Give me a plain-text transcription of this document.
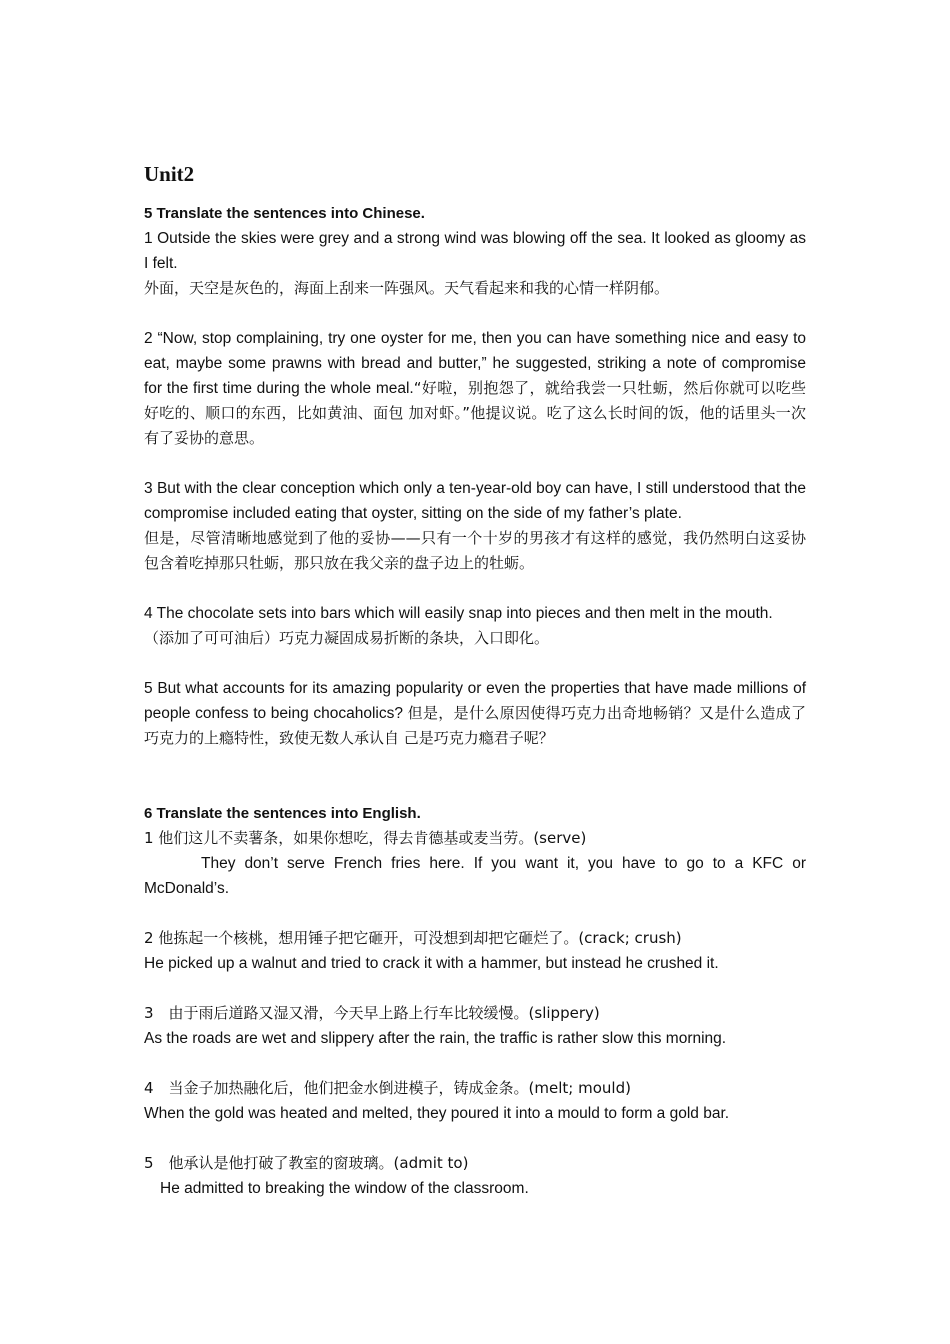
Unit2
5 Translate the sentences into Chinese.
1 Outside the skies were grey and a strong wind was blowing off the sea. It looked as gloomy as I felt.
外面，天空是灰色的，海面上刮来一阵强风。天气看起来和我的心情一样阴郁。
2 “Now, stop complaining, try one oyster for me, then you can have something nice and easy to eat, maybe some prawns with bread and butter,” he suggested, striking a note of compromise for the first time during the whole meal.“好啦，别抱怨了，就给我尝一只牡蛎，然后你就可以吃些好吃的、顺口的东西，比如黄油、面包 加对虾。”他提议说。吃了这么长时间的饭，他的话里头一次有了妥协的意思。
3 But with the clear conception which only a ten-year-old boy can have, I still understood that the compromise included eating that oyster, sitting on the side of my father’s plate.
但是，尽管清晰地感觉到了他的妥协——只有一个十岁的男孩才有这样的感觉，我仍然明白这妥协 包含着吃掉那只牡蛎，那只放在我父亲的盘子边上的牡蛎。
4 The chocolate sets into bars which will easily snap into pieces and then melt in the mouth.
（添加了可可油后）巧克力凝固成易折断的条块，入口即化。
5 But what accounts for its amazing popularity or even the properties that have made millions of people confess to being chocaholics? 但是，是什么原因使得巧克力出奇地畅销？又是什么造成了巧克力的上瘾特性，致使无数人承认自 己是巧克力瘾君子呢？
6 Translate the sentences into English.
1 他们这儿不卖薯条，如果你想吃，得去肯德基或麦当劳。(serve)
They don’t serve French fries here. If you want it, you have to go to a KFC or McDonald’s.
2 他拣起一个核桃，想用锤子把它砸开，可没想到却把它砸烂了。(crack; crush)
He picked up a walnut and tried to crack it with a hammer, but instead he crushed it.
3　由于雨后道路又湿又滑，今天早上路上行车比较缓慢。(slippery)
As the roads are wet and slippery after the rain, the traffic is rather slow this morning.
4　当金子加热融化后，他们把金水倒进模子，铸成金条。(melt; mould)
When the gold was heated and melted, they poured it into a mould to form a gold bar.
5　他承认是他打破了教室的窗玻璃。(admit to)
He admitted to breaking the window of the classroom.
